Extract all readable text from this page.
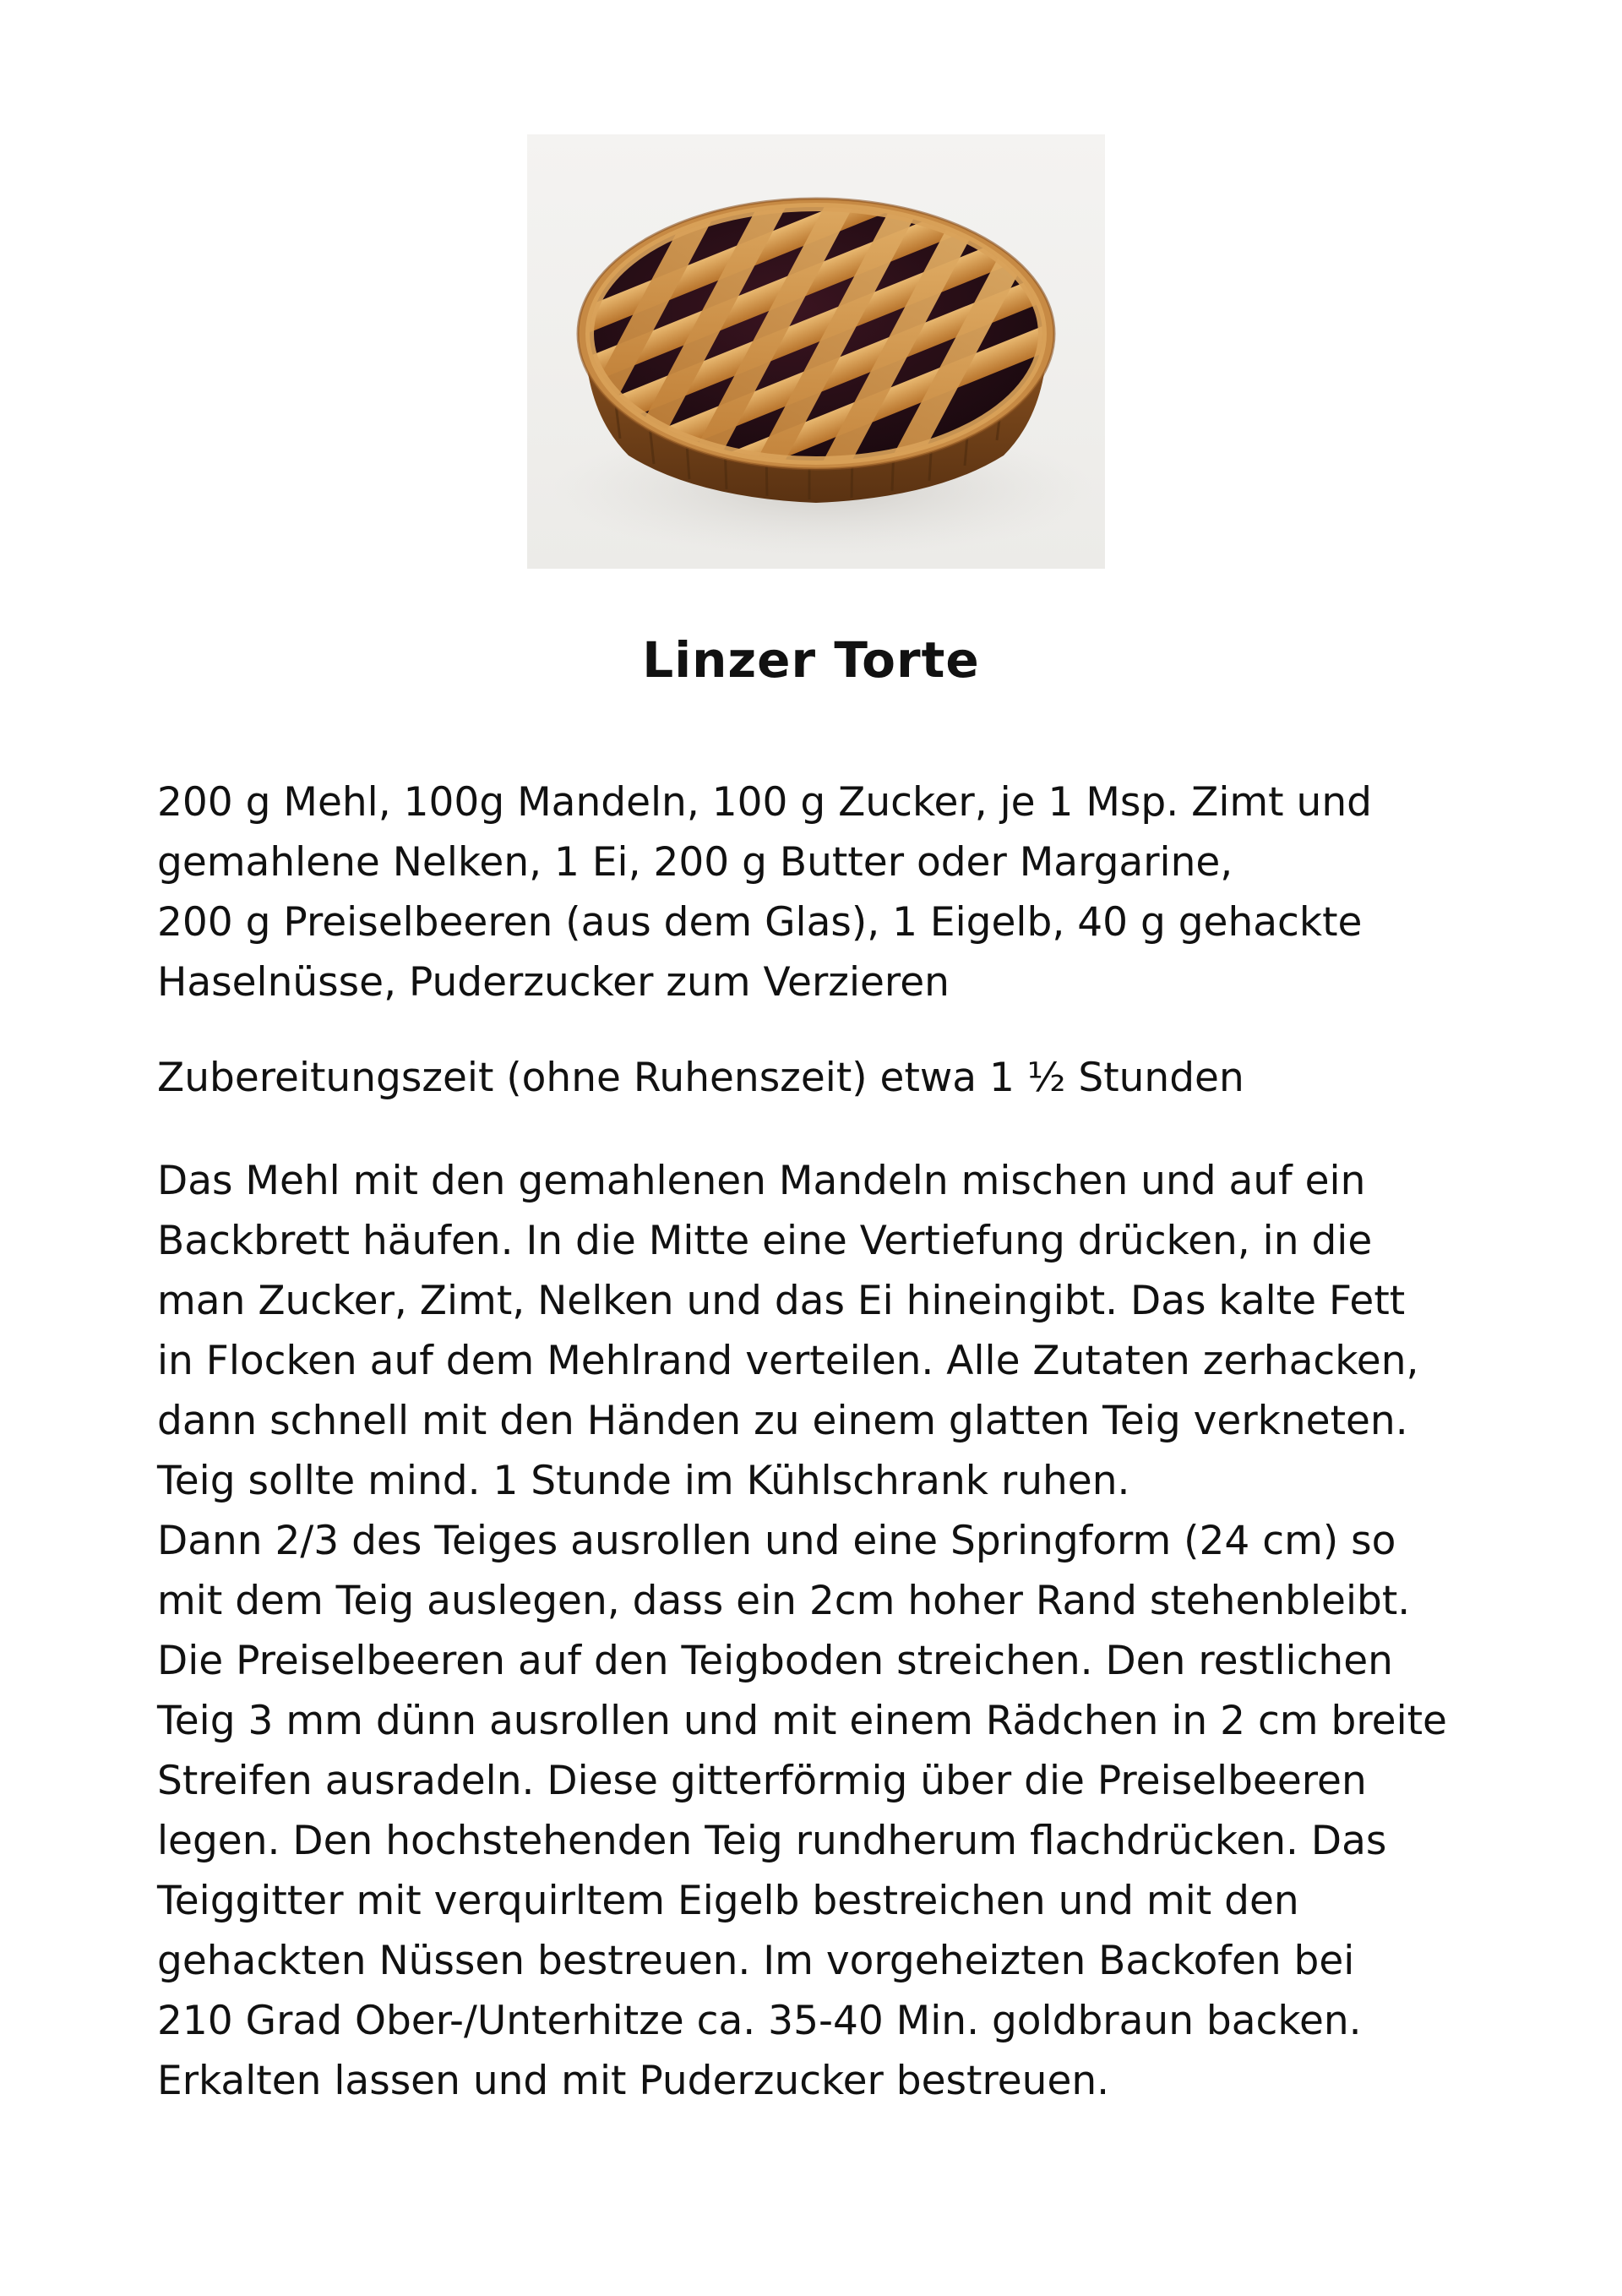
Linzer Torte
200 g Mehl, 100g Mandeln, 100 g Zucker, je 1 Msp. Zimt und
gemahlene Nelken, 1 Ei, 200 g Butter oder Margarine,
200 g Preiselbeeren (aus dem Glas), 1 Eigelb, 40 g gehackte
Haselnüsse, Puderzucker zum Verzieren
Zubereitungszeit (ohne Ruhenszeit) etwa 1 ½ Stunden
Das Mehl mit den gemahlenen Mandeln mischen und auf ein
Backbrett häufen. In die Mitte eine Vertiefung drücken, in die
man Zucker, Zimt, Nelken und das Ei hineingibt. Das kalte Fett
in Flocken auf dem Mehlrand verteilen. Alle Zutaten zerhacken,
dann schnell mit den Händen zu einem glatten Teig verkneten.
Teig sollte mind. 1 Stunde im Kühlschrank ruhen.
Dann 2/3 des Teiges ausrollen und eine Springform (24 cm) so
mit dem Teig auslegen, dass ein 2cm hoher Rand stehenbleibt.
Die Preiselbeeren auf den Teigboden streichen. Den restlichen
Teig 3 mm dünn ausrollen und mit einem Rädchen in 2 cm breite
Streifen ausradeln. Diese gitterförmig über die Preiselbeeren
legen. Den hochstehenden Teig rundherum flachdrücken. Das
Teiggitter mit verquirltem Eigelb bestreichen und mit den
gehackten Nüssen bestreuen. Im vorgeheizten Backofen bei
210 Grad Ober-/Unterhitze ca. 35-40 Min. goldbraun backen.
Erkalten lassen und mit Puderzucker bestreuen.
